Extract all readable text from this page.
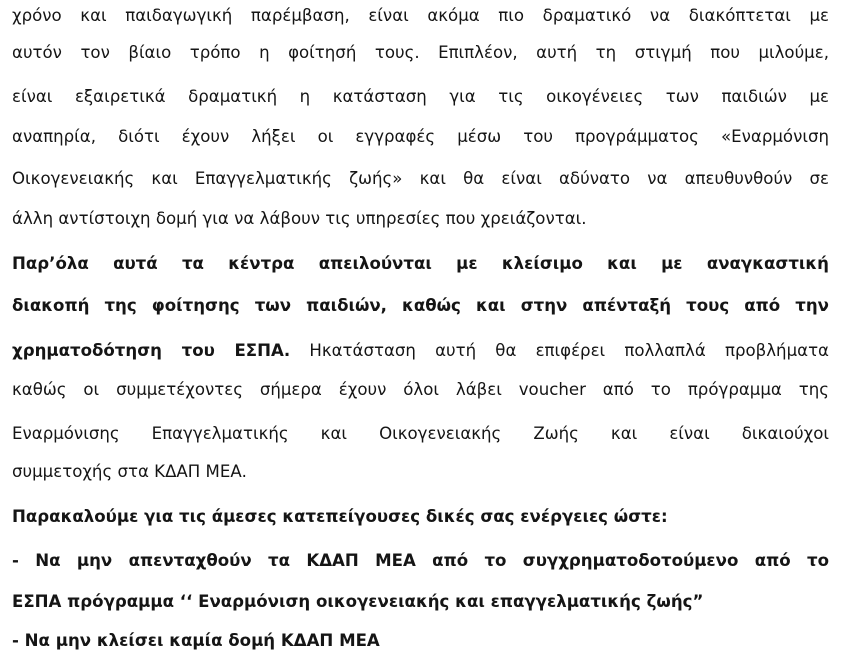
χρόνο και παιδαγωγική παρέμβαση, είναι ακόμα πιο δραματικό να διακόπτεται με
αυτόν τον βίαιο τρόπο η φοίτησή τους. Επιπλέον, αυτή τη στιγμή που μιλούμε,
είναι εξαιρετικά δραματική η κατάσταση για τις οικογένειες των παιδιών με
αναπηρία, διότι έχουν λήξει οι εγγραφές μέσω του προγράμματος «Εναρμόνιση
Οικογενειακής και Επαγγελματικής ζωής» και θα είναι αδύνατο να απευθυνθούν σε
άλλη αντίστοιχη δομή για να λάβουν τις υπηρεσίες που χρειάζονται.
Παρ’όλα αυτά τα κέντρα απειλούνται με κλείσιμο και με αναγκαστική
διακοπή της φοίτησης των παιδιών, καθώς και στην απένταξή τους από την
χρηματοδότηση του ΕΣΠΑ. Ηκατάσταση αυτή θα επιφέρει πολλαπλά προβλήματα
καθώς οι συμμετέχοντες σήμερα έχουν όλοι λάβει voucher από το πρόγραμμα της
Εναρμόνισης Επαγγελματικής και Οικογενειακής Ζωής και είναι δικαιούχοι
συμμετοχής στα ΚΔΑΠ ΜΕΑ.
Παρακαλούμε για τις άμεσες κατεπείγουσες δικές σας ενέργειες ώστε:
- Να μην απενταχθούν τα ΚΔΑΠ ΜΕΑ από το συγχρηματοδοτούμενο από το
ΕΣΠΑ πρόγραμμα ‘‘ Εναρμόνιση οικογενειακής και επαγγελματικής ζωής”
- Να μην κλείσει καμία δομή ΚΔΑΠ ΜΕΑ
